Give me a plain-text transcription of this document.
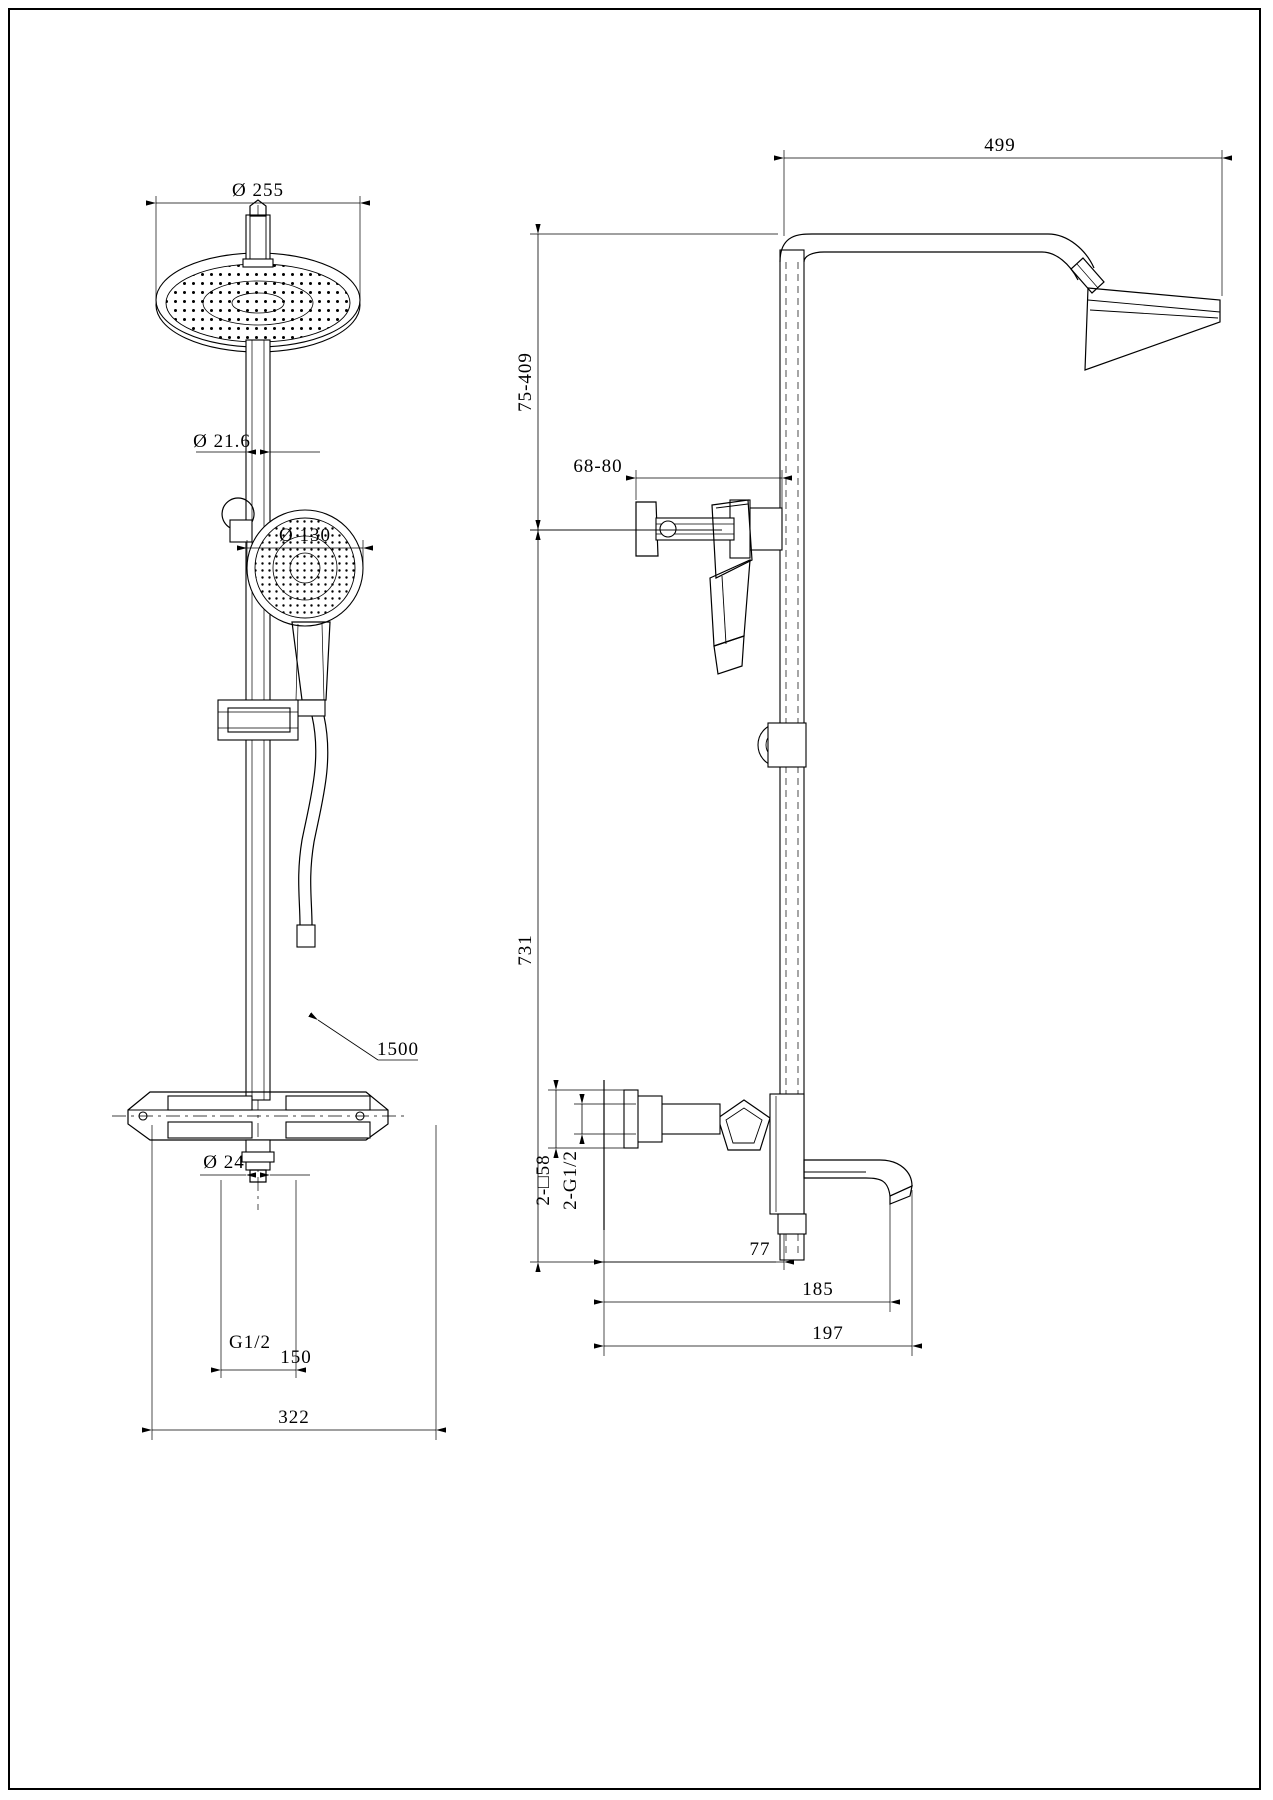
Ø 255
Ø 21.6
Ø 130
1500
Ø 24
G1/2
150
322
499
75-409
68-80
731
2-□58 2-G1/2
77
185
197
